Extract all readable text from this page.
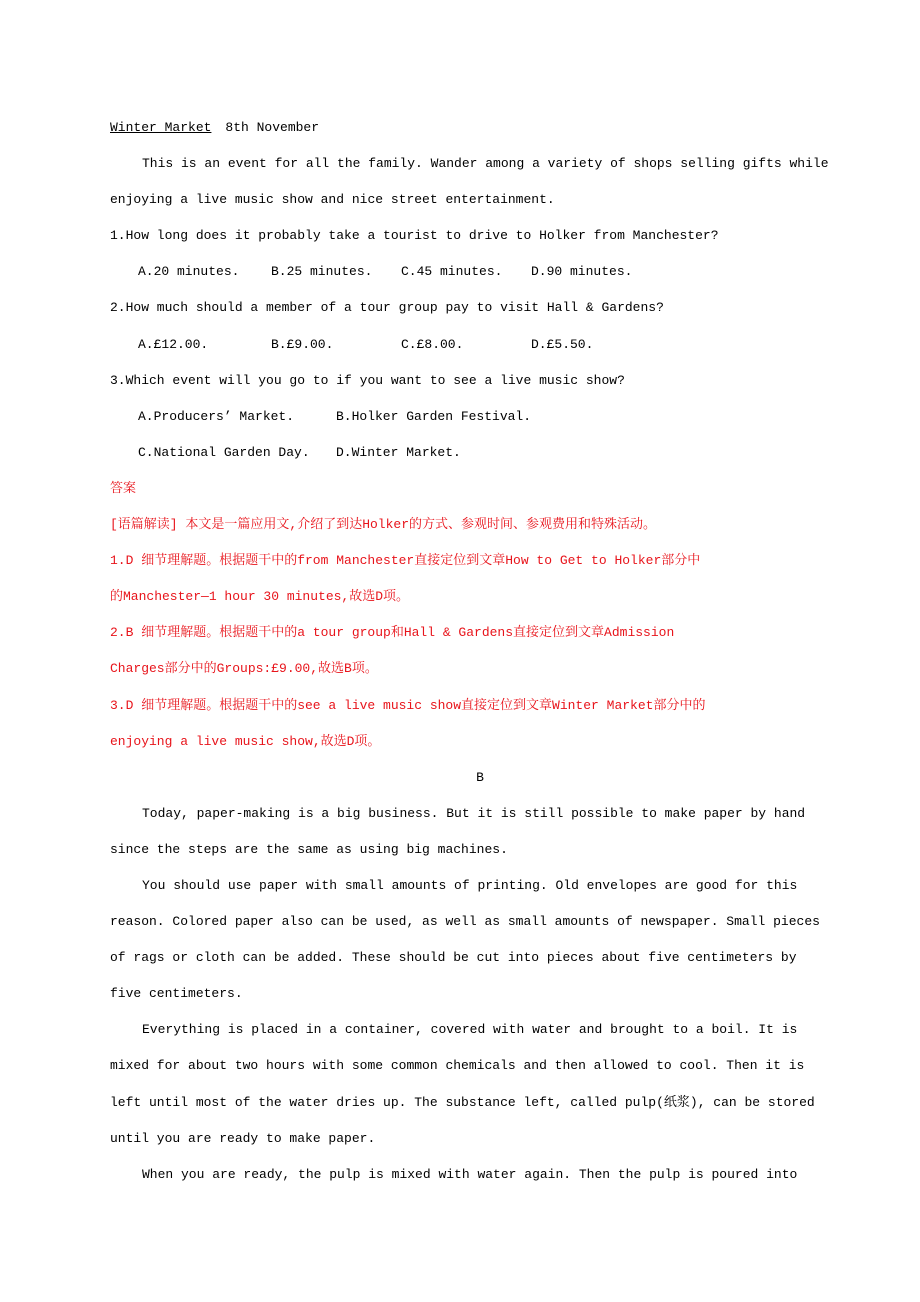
Winter Market 8th November
This is an event for all the family. Wander among a variety of shops selling gifts while
enjoying a live music show and nice street entertainment.
1.How long does it probably take a tourist to drive to Holker from Manchester?
A.20 minutes. B.25 minutes. C.45 minutes. D.90 minutes.
2.How much should a member of a tour group pay to visit Hall & Gardens?
A.£12.00.	B.£9.00.	C.£8.00.	D.£5.50.
3.Which event will you go to if you want to see a live music show?
A.Producers’ Market.	B.Holker Garden Festival.
C.National Garden Day. D.Winter Market.
答案
[语篇解读] 本文是一篇应用文,介绍了到达Holker的方式、参观时间、参观费用和特殊活动。
1.D 细节理解题。根据题干中的from Manchester直接定位到文章How to Get to Holker部分中
的Manchester—1 hour 30 minutes,故选D项。
2.B 细节理解题。根据题干中的a tour group和Hall & Gardens直接定位到文章Admission
Charges部分中的Groups:£9.00,故选B项。
3.D 细节理解题。根据题干中的see a live music show直接定位到文章Winter Market部分中的
enjoying a live music show,故选D项。
B
Today, paper-making is a big business. But it is still possible to make paper by hand
since the steps are the same as using big machines.
You should use paper with small amounts of printing. Old envelopes are good for this
reason. Colored paper also can be used, as well as small amounts of newspaper. Small pieces
of rags or cloth can be added. These should be cut into pieces about five centimeters by
five centimeters.
Everything is placed in a container, covered with water and brought to a boil. It is
mixed for about two hours with some common chemicals and then allowed to cool. Then it is
left until most of the water dries up. The substance left, called pulp(纸浆), can be stored
until you are ready to make paper.
When you are ready, the pulp is mixed with water again. Then the pulp is poured into
